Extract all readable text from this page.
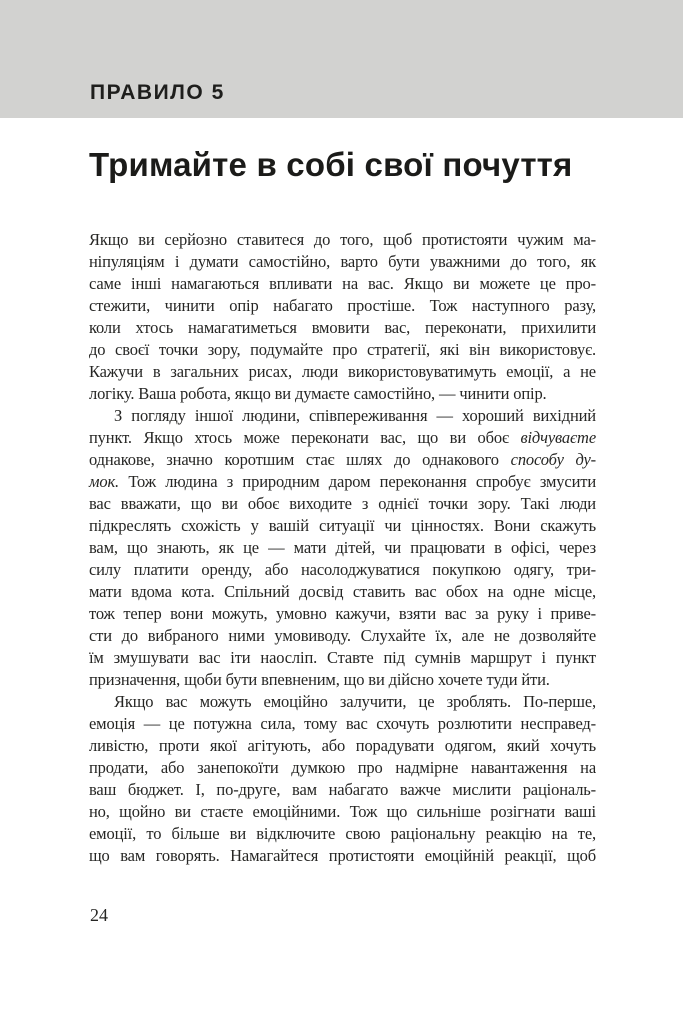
ПРАВИЛО 5
Тримайте в собі свої почуття
Якщо ви серйозно ставитеся до того, щоб протистояти чужим ма-
ніпуляціям і думати самостійно, варто бути уважними до того, як
саме інші намагаються впливати на вас. Якщо ви можете це про-
стежити, чинити опір набагато простіше. Тож наступного разу,
коли хтось намагатиметься вмовити вас, переконати, прихилити
до своєї точки зору, подумайте про стратегії, які він використовує.
Кажучи в загальних рисах, люди використовуватимуть емоції, а не
логіку. Ваша робота, якщо ви думаєте самостійно, — чинити опір.
З погляду іншої людини, співпереживання — хороший вихідний
пункт. Якщо хтось може переконати вас, що ви обоє відчуваєте
однакове, значно коротшим стає шлях до однакового способу ду-
мок. Тож людина з природним даром переконання спробує змусити
вас вважати, що ви обоє виходите з однієї точки зору. Такі люди
підкреслять схожість у вашій ситуації чи цінностях. Вони скажуть
вам, що знають, як це — мати дітей, чи працювати в офісі, через
силу платити оренду, або насолоджуватися покупкою одягу, три-
мати вдома кота. Спільний досвід ставить вас обох на одне місце,
тож тепер вони можуть, умовно кажучи, взяти вас за руку і приве-
сти до вибраного ними умовиводу. Слухайте їх, але не дозволяйте
їм змушувати вас іти наосліп. Ставте під сумнів маршрут і пункт
призначення, щоби бути впевненим, що ви дійсно хочете туди йти.
Якщо вас можуть емоційно залучити, це зроблять. По-перше,
емоція — це потужна сила, тому вас схочуть розлютити несправед-
ливістю, проти якої агітують, або порадувати одягом, який хочуть
продати, або занепокоїти думкою про надмірне навантаження на
ваш бюджет. І, по-друге, вам набагато важче мислити раціональ-
но, щойно ви стаєте емоційними. Тож що сильніше розігнати ваші
емоції, то більше ви відключите свою раціональну реакцію на те,
що вам говорять. Намагайтеся протистояти емоційній реакції, щоб
24
